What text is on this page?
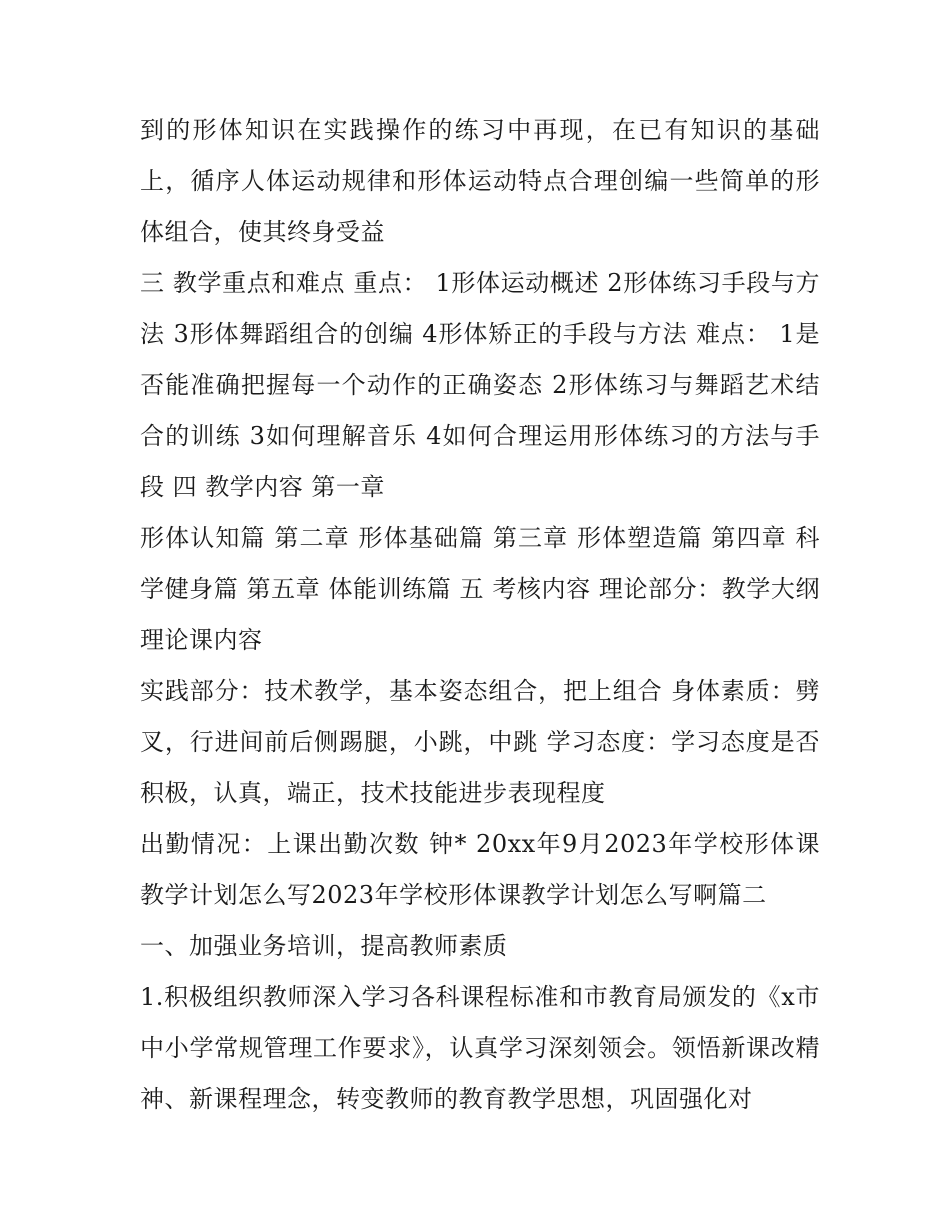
到的形体知识在实践操作的练习中再现，在已有知识的基础上，循序人体运动规律和形体运动特点合理创编一些简单的形体组合，使其终身受益

三 教学重点和难点 重点： 1形体运动概述 2形体练习手段与方法 3形体舞蹈组合的创编 4形体矫正的手段与方法 难点： 1是否能准确把握每一个动作的正确姿态 2形体练习与舞蹈艺术结合的训练 3如何理解音乐 4如何合理运用形体练习的方法与手段 四 教学内容 第一章

形体认知篇 第二章 形体基础篇 第三章 形体塑造篇 第四章 科学健身篇 第五章 体能训练篇 五 考核内容 理论部分：教学大纲理论课内容

实践部分：技术教学，基本姿态组合，把上组合 身体素质：劈叉，行进间前后侧踢腿，小跳，中跳 学习态度：学习态度是否积极，认真，端正，技术技能进步表现程度

出勤情况：上课出勤次数 钟* 20xx年9月2023年学校形体课教学计划怎么写2023年学校形体课教学计划怎么写啊篇二

一、加强业务培训，提高教师素质

1.积极组织教师深入学习各科课程标准和市教育局颁发的《x市中小学常规管理工作要求》，认真学习深刻领会。领悟新课改精神、新课程理念，转变教师的教育教学思想，巩固强化对
